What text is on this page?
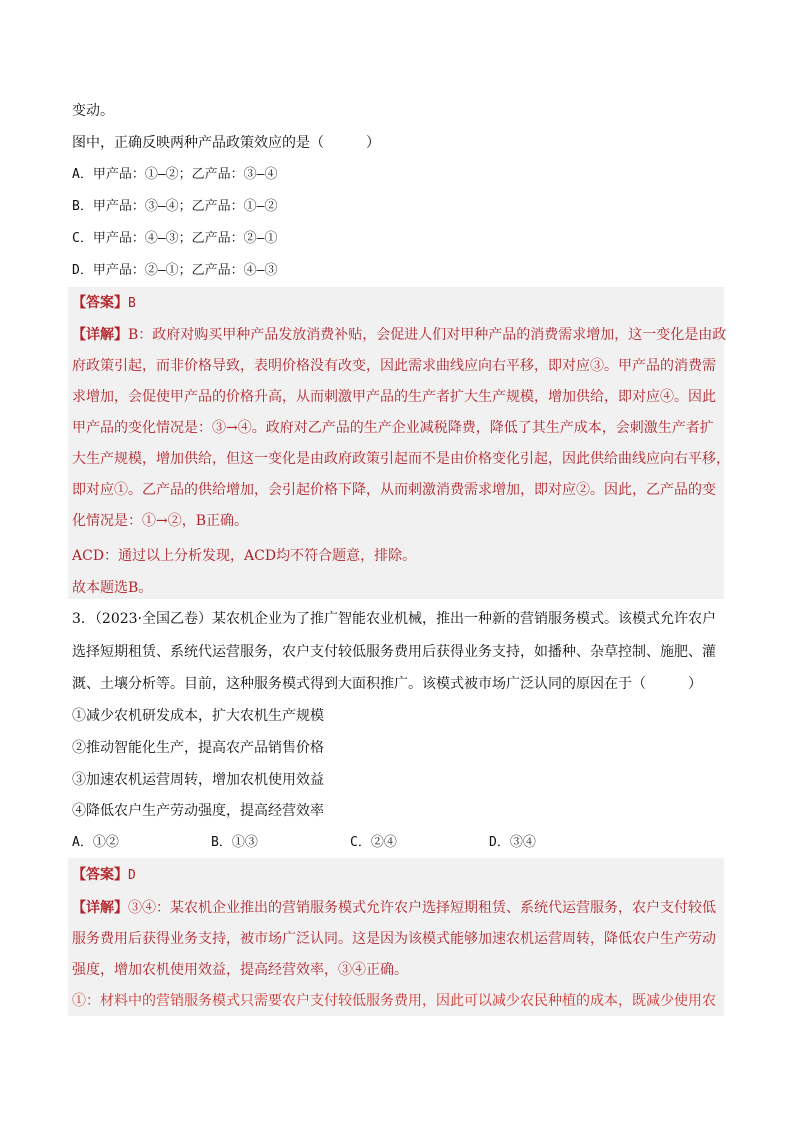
变动。
图中，正确反映两种产品政策效应的是（　　　）
A．甲产品：①—②；乙产品：③—④
B．甲产品：③—④；乙产品：①—②
C．甲产品：④—③；乙产品：②—①
D．甲产品：②—①；乙产品：④—③
【答案】B
【详解】B：政府对购买甲种产品发放消费补贴，会促进人们对甲种产品的消费需求增加，这一变化是由政
府政策引起，而非价格导致，表明价格没有改变，因此需求曲线应向右平移，即对应③。甲产品的消费需
求增加，会促使甲产品的价格升高，从而刺激甲产品的生产者扩大生产规模，增加供给，即对应④。因此
甲产品的变化情况是：③→④。政府对乙产品的生产企业减税降费，降低了其生产成本，会刺激生产者扩
大生产规模，增加供给，但这一变化是由政府政策引起而不是由价格变化引起，因此供给曲线应向右平移，
即对应①。乙产品的供给增加，会引起价格下降，从而刺激消费需求增加，即对应②。因此，乙产品的变
化情况是：①→②，B正确。
ACD：通过以上分析发现，ACD均不符合题意，排除。
故本题选B。
3．（2023·全国乙卷）某农机企业为了推广智能农业机械，推出一种新的营销服务模式。该模式允许农户
选择短期租赁、系统代运营服务，农户支付较低服务费用后获得业务支持，如播种、杂草控制、施肥、灌
溉、土壤分析等。目前，这种服务模式得到大面积推广。该模式被市场广泛认同的原因在于（　　　）
①减少农机研发成本，扩大农机生产规模
②推动智能化生产，提高农产品销售价格
③加速农机运营周转，增加农机使用效益
④降低农户生产劳动强度，提高经营效率
A．①②	B．①③	C．②④	D．③④
【答案】D
【详解】③④：某农机企业推出的营销服务模式允许农户选择短期租赁、系统代运营服务，农户支付较低
服务费用后获得业务支持，被市场广泛认同。这是因为该模式能够加速农机运营周转，降低农户生产劳动
强度，增加农机使用效益，提高经营效率，③④正确。
①：材料中的营销服务模式只需要农户支付较低服务费用，因此可以减少农民种植的成本，既减少使用农
